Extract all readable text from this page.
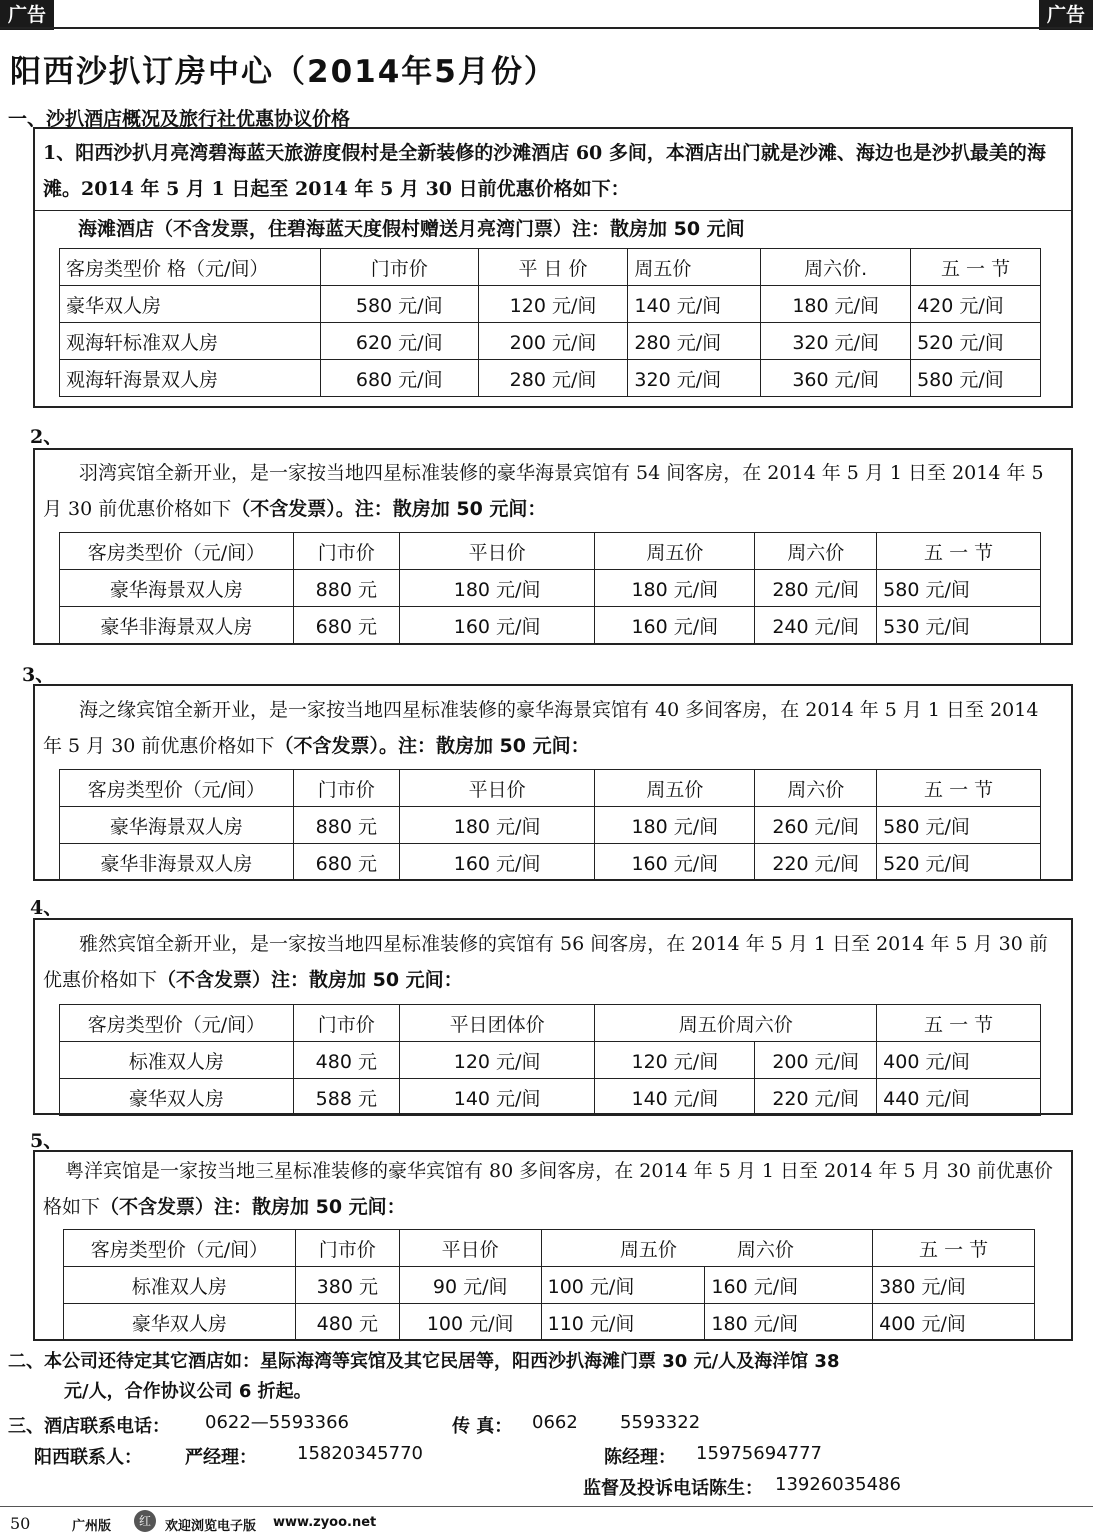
广告	广告
阳西沙扒订房中心（2014年5月份）
一、沙扒酒店概况及旅行社优惠协议价格
1、阳西沙扒月亮湾碧海蓝天旅游度假村是全新装修的沙滩酒店 60 多间，本酒店出门就是沙滩、海边也是沙扒最美的海滩。2014 年 5 月 1 日起至 2014 年 5 月 30 日前优惠价格如下：
海滩酒店（不含发票，住碧海蓝天度假村赠送月亮湾门票）注：散房加 50 元间
客房类型价 格（元/间）	门市价	平 日 价	周五价	周六价.	五 一 节
豪华双人房	580 元/间	120 元/间	140 元/间	180 元/间	420 元/间
观海轩标准双人房	620 元/间	200 元/间	280 元/间	320 元/间	520 元/间
观海轩海景双人房	680 元/间	280 元/间	320 元/间	360 元/间	580 元/间
2、
羽湾宾馆全新开业，是一家按当地四星标准装修的豪华海景宾馆有 54 间客房，在 2014 年 5 月 1 日至 2014 年 5 月 30 前优惠价格如下（不含发票）。注：散房加 50 元间：
客房类型价（元/间）	门市价	平日价	周五价	周六价	五 一 节
豪华海景双人房	880 元	180 元/间	180 元/间	280 元/间	580 元/间
豪华非海景双人房	680 元	160 元/间	160 元/间	240 元/间	530 元/间
3、
海之缘宾馆全新开业，是一家按当地四星标准装修的豪华海景宾馆有 40 多间客房，在 2014 年 5 月 1 日至 2014 年 5 月 30 前优惠价格如下（不含发票）。注：散房加 50 元间：
客房类型价（元/间）	门市价	平日价	周五价	周六价	五 一 节
豪华海景双人房	880 元	180 元/间	180 元/间	260 元/间	580 元/间
豪华非海景双人房	680 元	160 元/间	160 元/间	220 元/间	520 元/间
4、
雅然宾馆全新开业，是一家按当地四星标准装修的宾馆有 56 间客房，在 2014 年 5 月 1 日至 2014 年 5 月 30 前优惠价格如下（不含发票）注：散房加 50 元间：
客房类型价（元/间）	门市价	平日团体价	周五价周六价		五 一 节
标准双人房	480 元	120 元/间	120 元/间	200 元/间	400 元/间
豪华双人房	588 元	140 元/间	140 元/间	220 元/间	440 元/间
5、
粤洋宾馆是一家按当地三星标准装修的豪华宾馆有 80 多间客房，在 2014 年 5 月 1 日至 2014 年 5 月 30 前优惠价格如下（不含发票）注：散房加 50 元间：
客房类型价（元/间）	门市价	平日价	周五价 周六价		五 一 节
标准双人房	380 元	90 元/间	100 元/间	160 元/间	380 元/间
豪华双人房	480 元	100 元/间	110 元/间	180 元/间	400 元/间
二、本公司还待定其它酒店如：星际海湾等宾馆及其它民居等，阳西沙扒海滩门票 30 元/人及海洋馆 38
元/人，合作协议公司 6 折起。
三、酒店联系电话： 0622—5593366	传 真： 0662 5593322
阳西联系人： 严经理： 15820345770	陈经理： 15975694777
监督及投诉电话陈生： 13926035486
50	广州版	红	欢迎浏览电子版 www.zyoo.net
